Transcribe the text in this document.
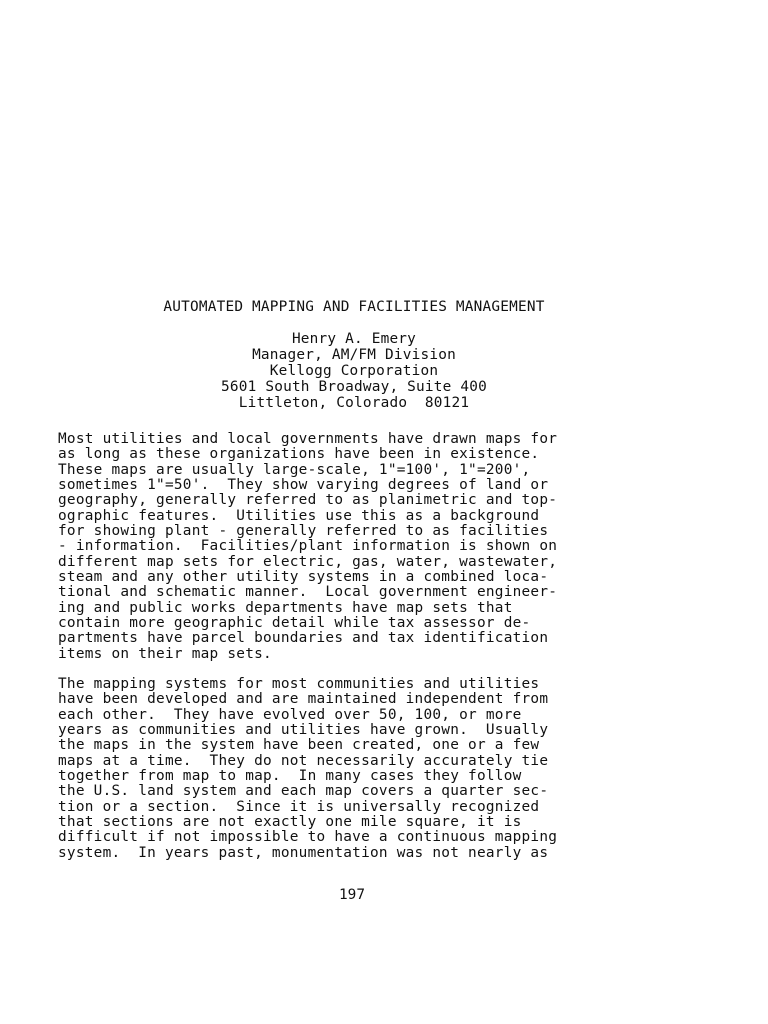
AUTOMATED MAPPING AND FACILITIES MANAGEMENT
Henry A. Emery
Manager, AM/FM Division
Kellogg Corporation
5601 South Broadway, Suite 400
Littleton, Colorado  80121
Most utilities and local governments have drawn maps for
as long as these organizations have been in existence.
These maps are usually large-scale, 1"=100', 1"=200',
sometimes 1"=50'.  They show varying degrees of land or
geography, generally referred to as planimetric and top-
ographic features.  Utilities use this as a background
for showing plant - generally referred to as facilities
- information.  Facilities/plant information is shown on
different map sets for electric, gas, water, wastewater,
steam and any other utility systems in a combined loca-
tional and schematic manner.  Local government engineer-
ing and public works departments have map sets that
contain more geographic detail while tax assessor de-
partments have parcel boundaries and tax identification
items on their map sets.
The mapping systems for most communities and utilities
have been developed and are maintained independent from
each other.  They have evolved over 50, 100, or more
years as communities and utilities have grown.  Usually
the maps in the system have been created, one or a few
maps at a time.  They do not necessarily accurately tie
together from map to map.  In many cases they follow
the U.S. land system and each map covers a quarter sec-
tion or a section.  Since it is universally recognized
that sections are not exactly one mile square, it is
difficult if not impossible to have a continuous mapping
system.  In years past, monumentation was not nearly as
197
